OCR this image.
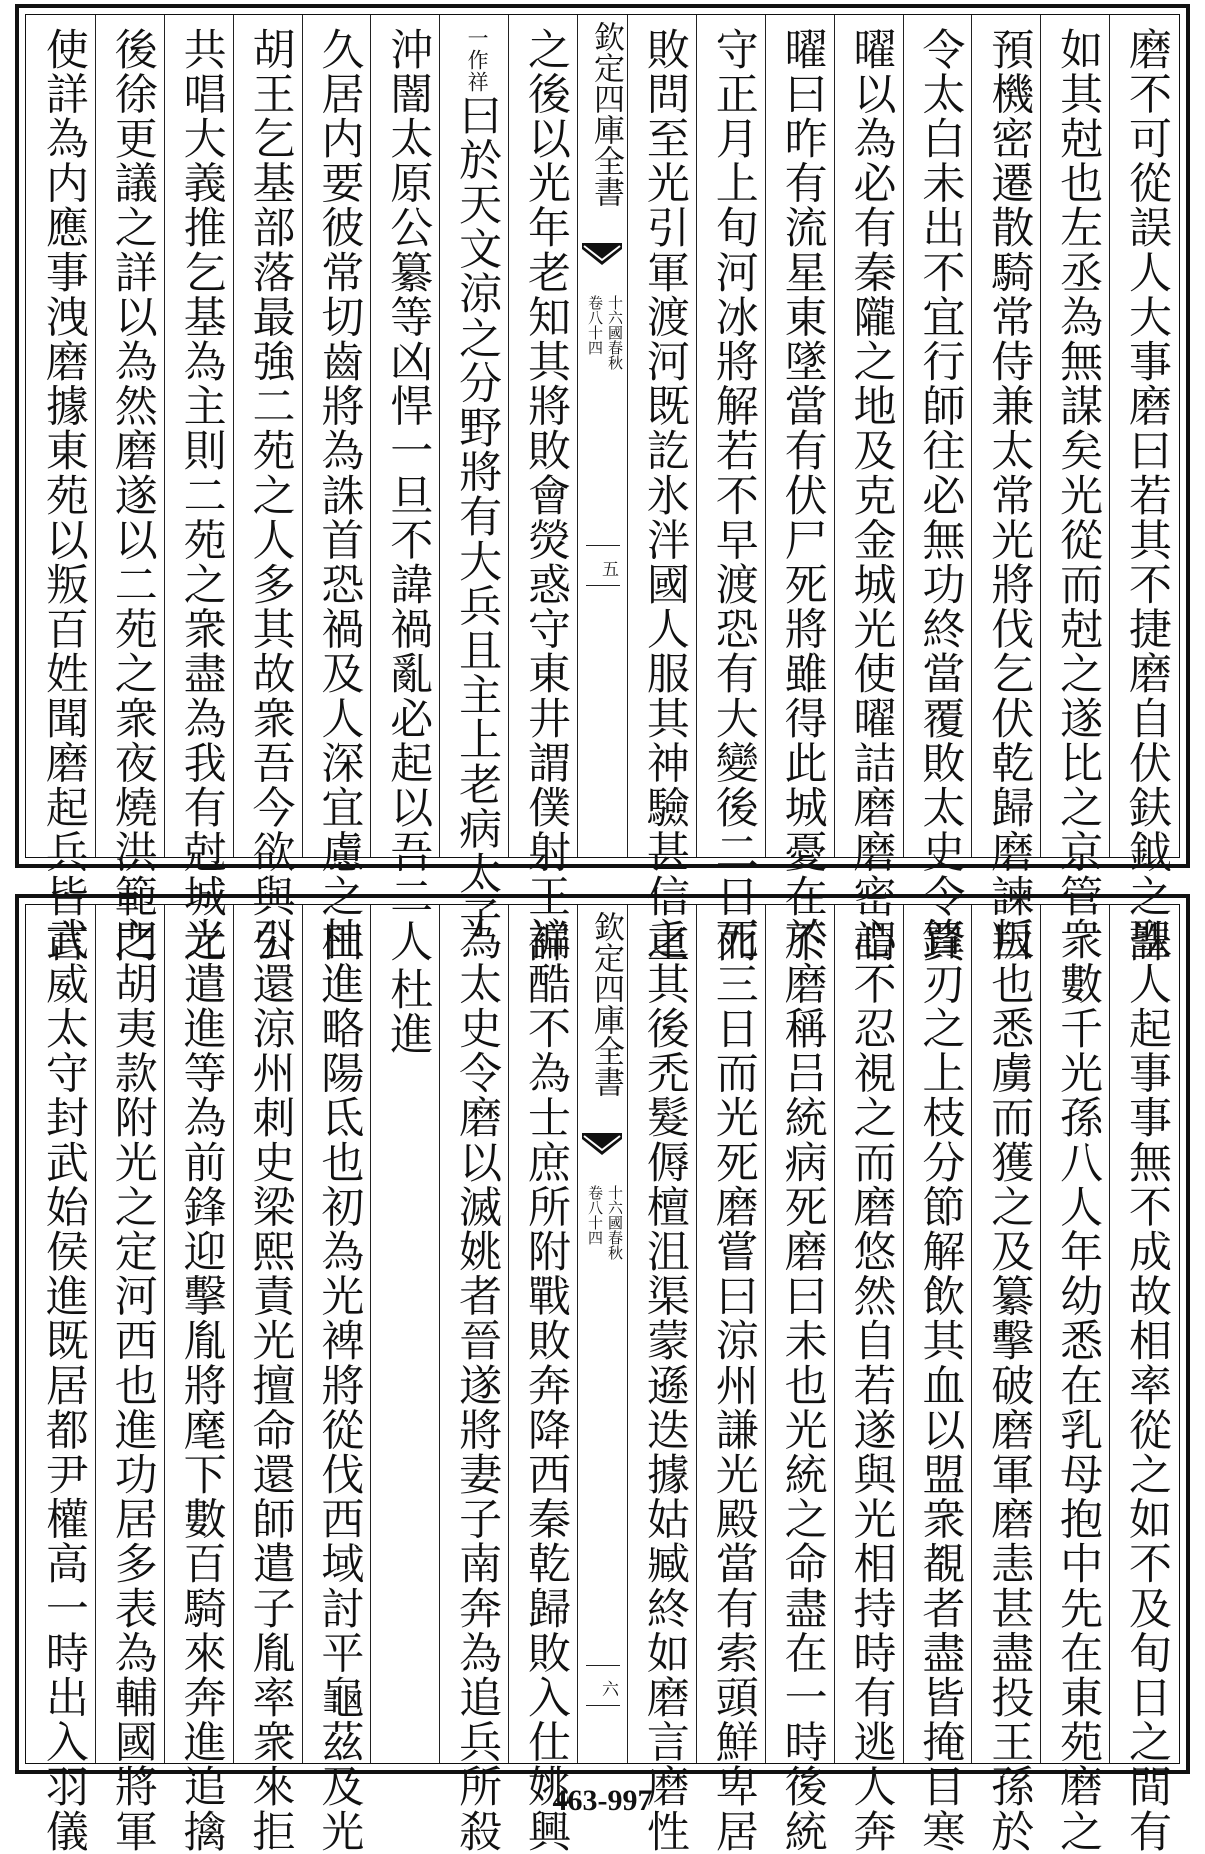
磨不可從誤人大事磨曰若其不捷磨自伏鈇鉞之誅
如其尅也左丞為無謀矣光從而尅之遂比之京管
預機密遷散騎常侍兼太常光將伐乞伏乾歸磨諫曰
令太白未出不宜行師往必無功終當覆敗太史令賈
曜以為必有秦隴之地及克金城光使曜詰磨磨密謂
曜曰昨有流星東墜當有伏尸死將雖得此城憂在不
守正月上旬河冰將解若不早渡恐有大變後二日而
敗問至光引軍渡河既訖氷泮國人服其神驗甚信重
欽定四庫全書
十六國春秋
卷八十四
五
之後以光年老知其將敗會熒惑守東井謂僕射王詳
一作祥曰於天文涼之分野將有大兵且主上老病太子
沖闇太原公纂等凶悍一旦不諱禍亂必起以吾二人
久居内要彼常切齒將為誅首恐禍及人深宜慮之田
胡王乞基部落最強二苑之人多其故衆吾今欲與公
共唱大義推乞基為主則二苑之衆盡為我有尅城之
後徐更議之詳以為然磨遂以二苑之衆夜燒洪範門
使詳為内應事洩磨據東苑以叛百姓聞磨起兵皆言
聖人起事事無不成故相率從之如不及旬日之間有
衆數千光孫八人年幼悉在乳母抱中先在東苑磨之
叛也悉虜而獲之及纂擊破磨軍磨恚甚盡投王孫於
鋒刃之上枝分節解飲其血以盟衆覩者盡皆掩目寒
心不忍視之而磨悠然自若遂與光相持時有逃人奔
於磨稱吕統病死磨曰未也光統之命盡在一時後統
死三日而光死磨嘗曰涼州謙光殿當有索頭鮮卑居
之其後禿髮傉檀沮渠蒙遜迭據姑臧終如磨言磨性
欽定四庫全書
十六國春秋
卷八十四
六
褊酷不為士庶所附戰敗奔降西秦乾歸敗入仕姚興
為太史令磨以滅姚者晉遂將妻子南奔為追兵所殺
杜進
杜進略陽氐也初為光裨將從伐西域討平龜茲及光
引還涼州刺史梁熙責光擅命還師遣子胤率衆來拒
光遣進等為前鋒迎擊胤將麾下數百騎來奔進追擒
之胡夷款附光之定河西也進功居多表為輔國將軍
武威太守封武始侯進既居都尹權高一時出入羽儀	463-997
